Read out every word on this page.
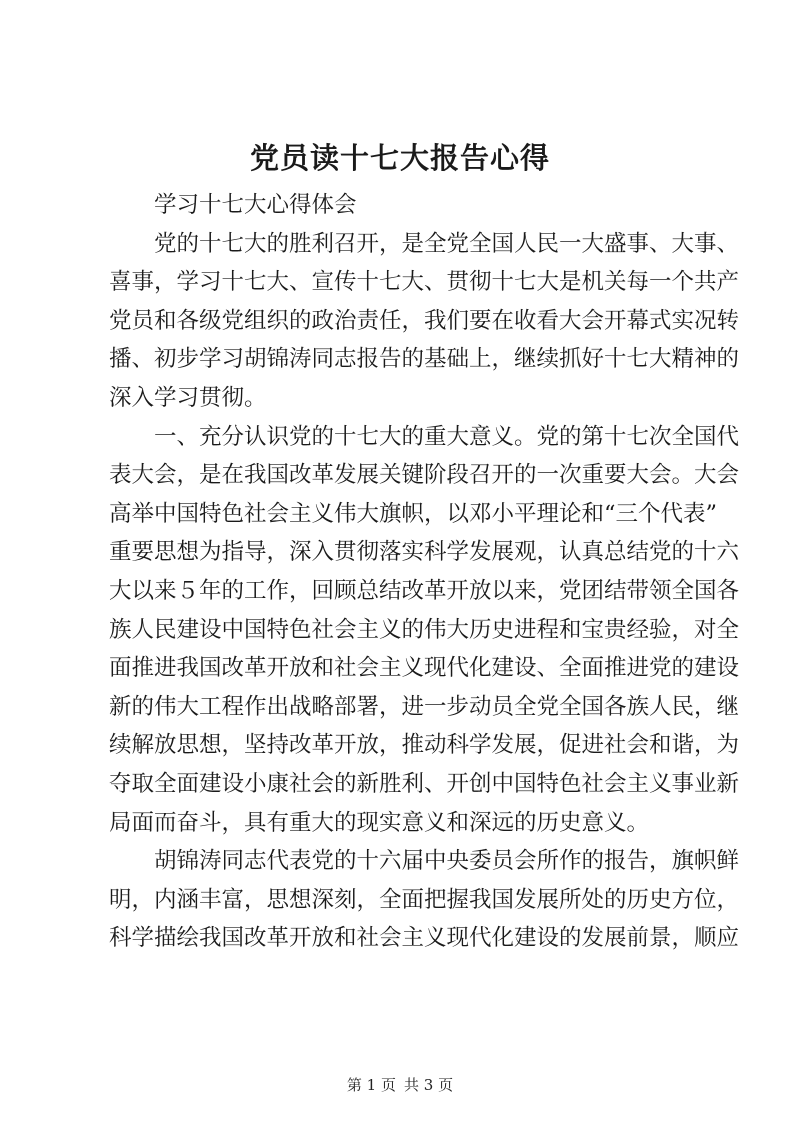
党员读十七大报告心得

学习十七大心得体会

党的十七大的胜利召开，是全党全国人民一大盛事、大事、
喜事，学习十七大、宣传十七大、贯彻十七大是机关每一个共产
党员和各级党组织的政治责任，我们要在收看大会开幕式实况转
播、初步学习胡锦涛同志报告的基础上，继续抓好十七大精神的
深入学习贯彻。

一、充分认识党的十七大的重大意义。党的第十七次全国代
表大会，是在我国改革发展关键阶段召开的一次重要大会。大会
高举中国特色社会主义伟大旗帜，以邓小平理论和“三个代表”
重要思想为指导，深入贯彻落实科学发展观，认真总结党的十六
大以来５年的工作，回顾总结改革开放以来，党团结带领全国各
族人民建设中国特色社会主义的伟大历史进程和宝贵经验，对全
面推进我国改革开放和社会主义现代化建设、全面推进党的建设
新的伟大工程作出战略部署，进一步动员全党全国各族人民，继
续解放思想，坚持改革开放，推动科学发展，促进社会和谐，为
夺取全面建设小康社会的新胜利、开创中国特色社会主义事业新
局面而奋斗，具有重大的现实意义和深远的历史意义。

胡锦涛同志代表党的十六届中央委员会所作的报告，旗帜鲜
明，内涵丰富，思想深刻，全面把握我国发展所处的历史方位，
科学描绘我国改革开放和社会主义现代化建设的发展前景，顺应

第 1 页 共 3 页
